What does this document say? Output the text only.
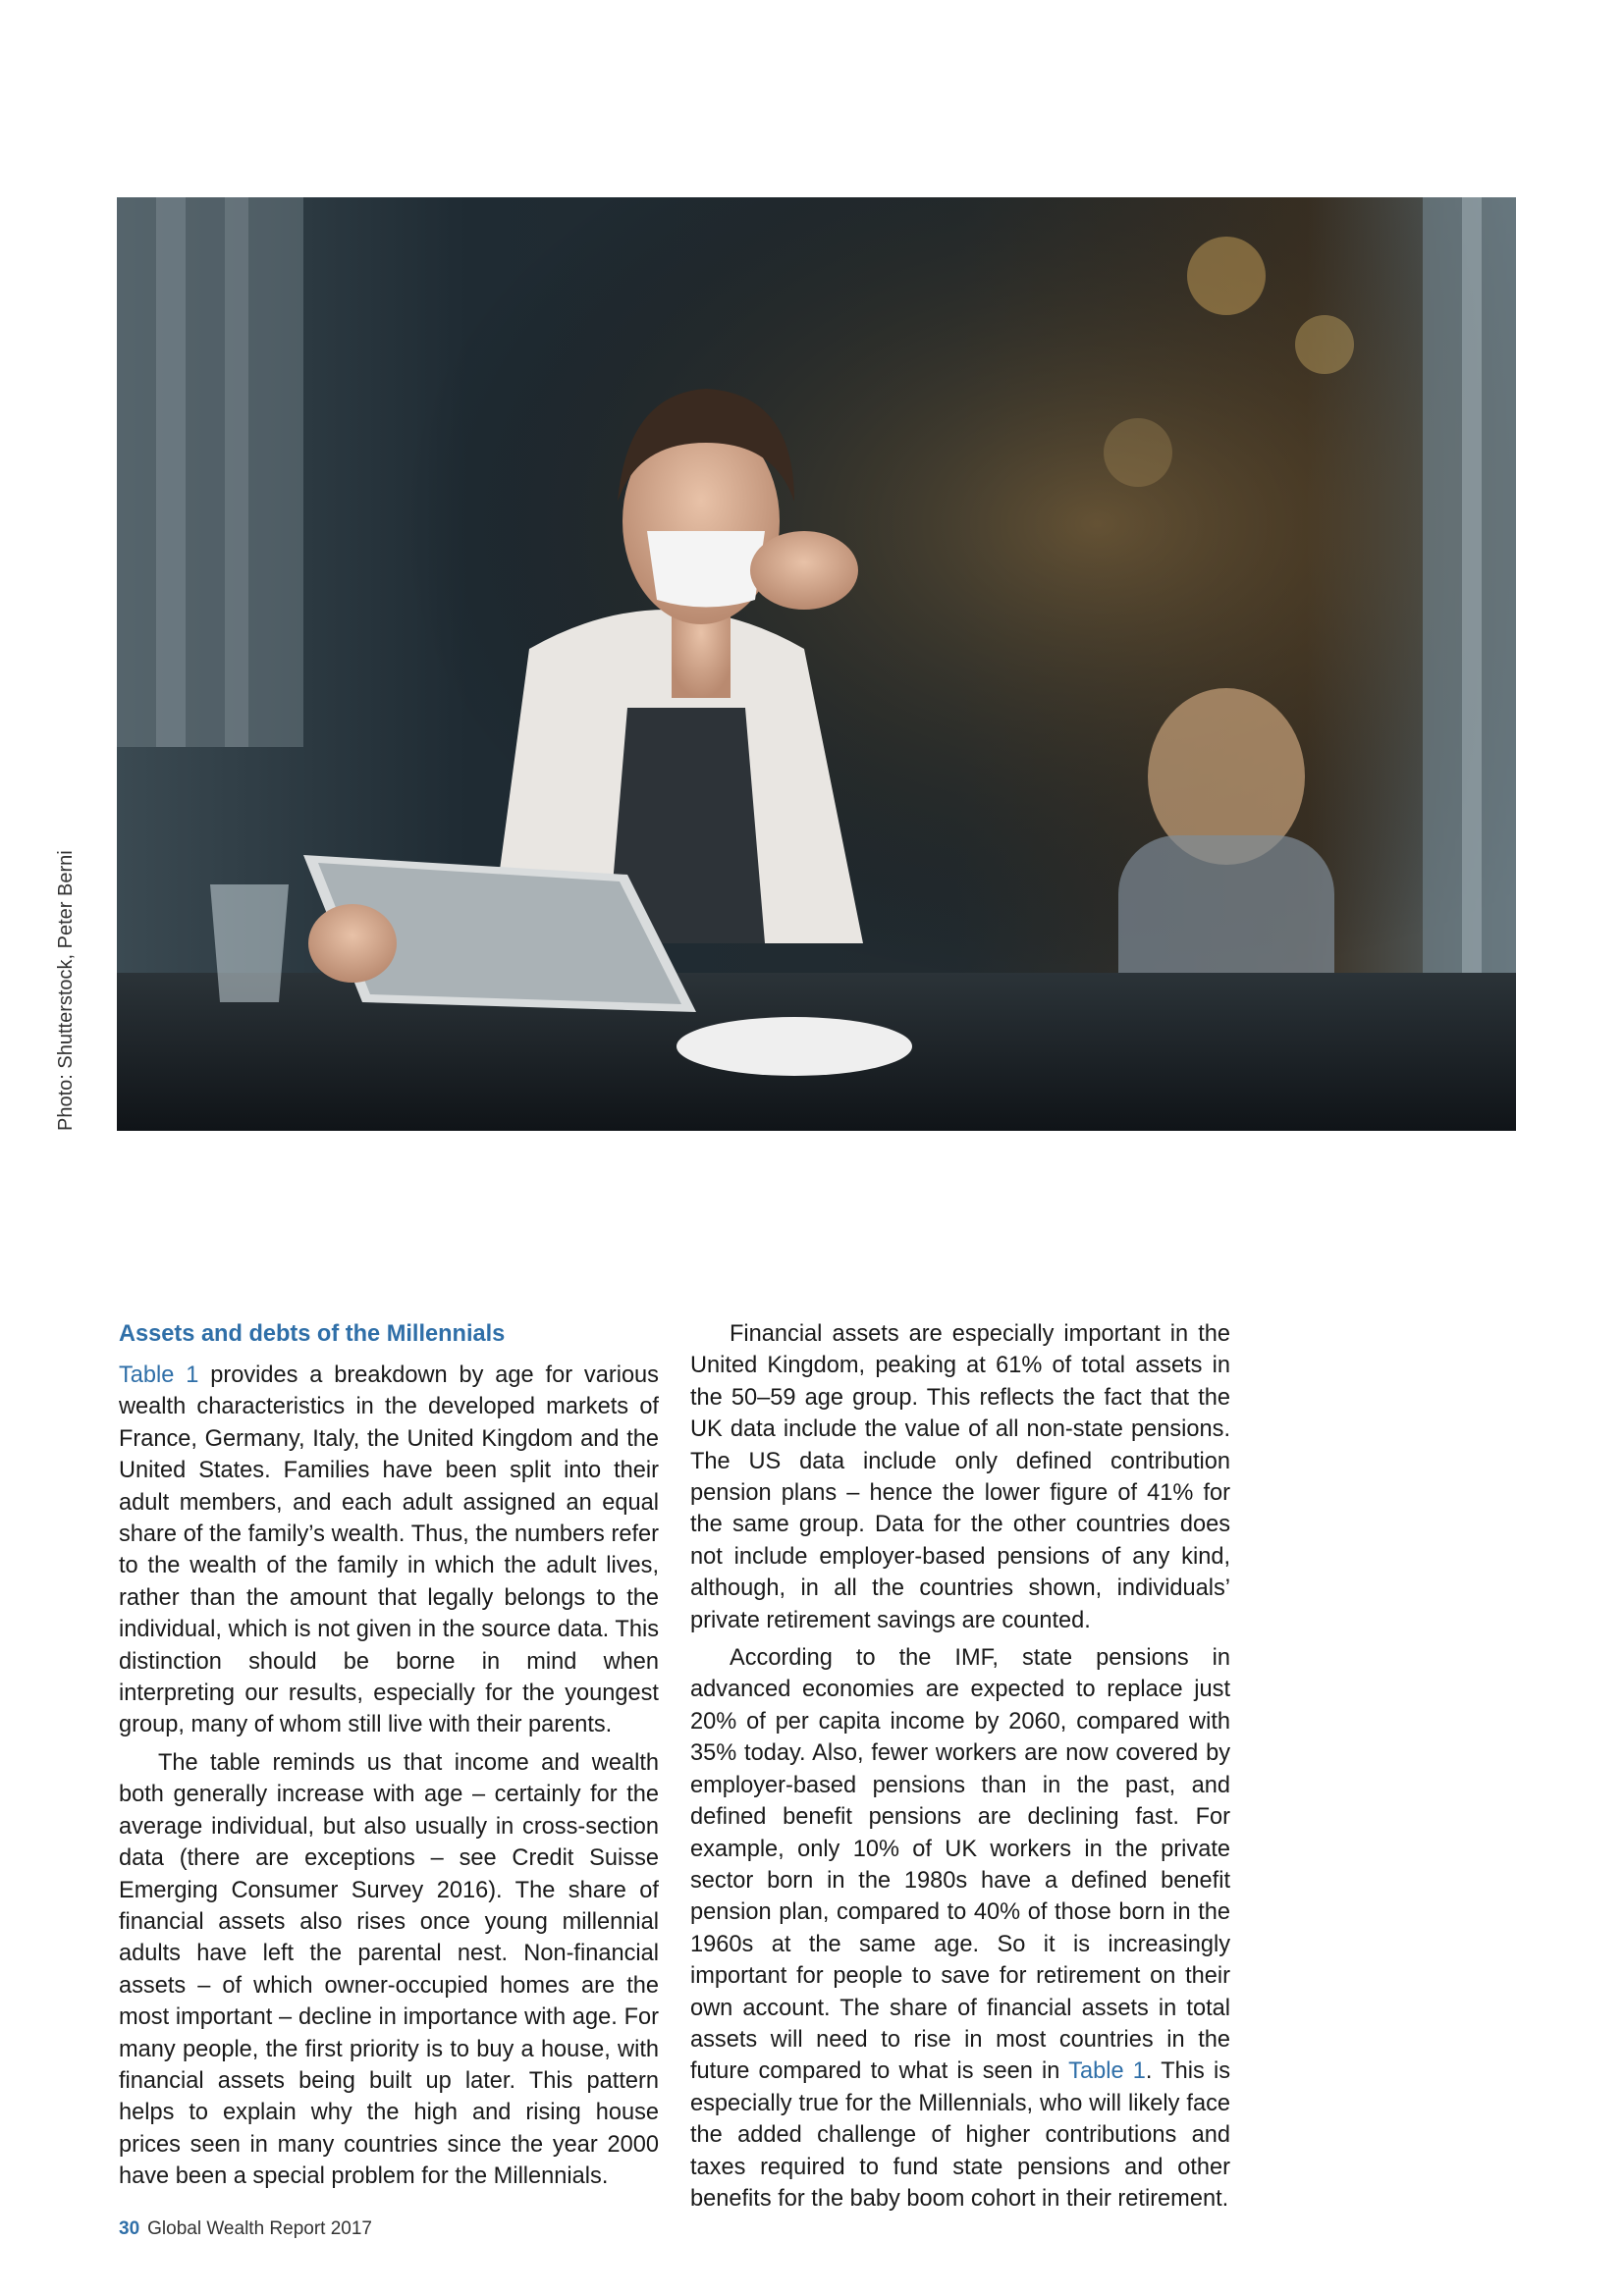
Photo: Shutterstock, Peter Berni
Assets and debts of the Millennials

Table 1 provides a breakdown by age for various wealth characteristics in the developed markets of France, Germany, Italy, the United Kingdom and the United States. Families have been split into their adult members, and each adult assigned an equal share of the family’s wealth. Thus, the numbers refer to the wealth of the family in which the adult lives, rather than the amount that legally belongs to the individual, which is not given in the source data. This distinction should be borne in mind when interpreting our results, especially for the youngest group, many of whom still live with their parents.

The table reminds us that income and wealth both generally increase with age – certainly for the average individual, but also usually in cross-section data (there are exceptions – see Credit Suisse Emerging Consumer Survey 2016). The share of financial assets also rises once young millennial adults have left the parental nest. Non-financial assets – of which owner-occupied homes are the most important – decline in importance with age. For many people, the first priority is to buy a house, with financial assets being built up later. This pattern helps to explain why the high and rising house prices seen in many countries since the year 2000 have been a special problem for the Millennials.

Financial assets are especially important in the United Kingdom, peaking at 61% of total assets in the 50–59 age group. This reflects the fact that the UK data include the value of all non-state pensions. The US data include only defined contribution pension plans – hence the lower figure of 41% for the same group. Data for the other countries does not include employer-based pensions of any kind, although, in all the countries shown, individuals’ private retirement savings are counted.

According to the IMF, state pensions in advanced economies are expected to replace just 20% of per capita income by 2060, compared with 35% today. Also, fewer workers are now covered by employer-based pensions than in the past, and defined benefit pensions are declining fast. For example, only 10% of UK workers in the private sector born in the 1980s have a defined benefit pension plan, compared to 40% of those born in the 1960s at the same age. So it is increasingly important for people to save for retirement on their own account. The share of financial assets in total assets will need to rise in most countries in the future compared to what is seen in Table 1. This is especially true for the Millennials, who will likely face the added challenge of higher contributions and taxes required to fund state pensions and other benefits for the baby boom cohort in their retirement.

30 Global Wealth Report 2017
